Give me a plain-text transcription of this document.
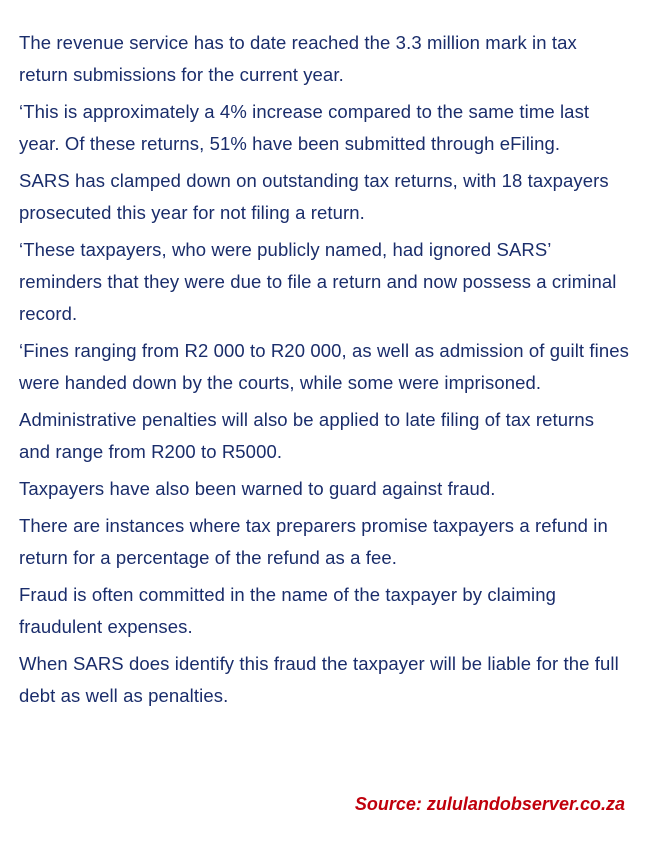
The revenue service has to date reached the 3.3 million mark in tax return submissions for the current year.

‘This is approximately a 4% increase compared to the same time last year. Of these returns, 51% have been submitted through eFiling.

SARS has clamped down on outstanding tax returns, with 18 taxpayers prosecuted this year for not filing a return.

‘These taxpayers, who were publicly named, had ignored SARS’ reminders that they were due to file a return and now possess a criminal record.

‘Fines ranging from R2 000 to R20 000, as well as admission of guilt fines were handed down by the courts, while some were imprisoned.

Administrative penalties will also be applied to late filing of tax returns and range from R200 to R5000.

Taxpayers have also been warned to guard against fraud.

There are instances where tax preparers promise taxpayers a refund in return for a percentage of the refund as a fee.

Fraud is often committed in the name of the taxpayer by claiming fraudulent expenses.

When SARS does identify this fraud the taxpayer will be liable for the full debt as well as penalties.

Source: zululandobserver.co.za
